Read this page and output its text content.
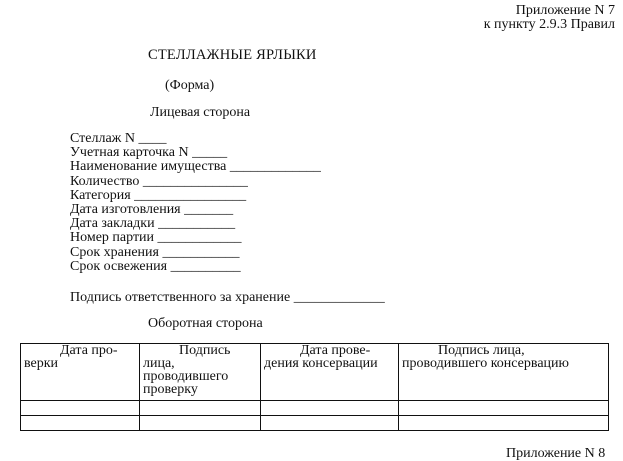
Приложение N 7
к пункту 2.9.3 Правил
СТЕЛЛАЖНЫЕ ЯРЛЫКИ
(Форма)
Лицевая сторона
Стеллаж N ____
Учетная карточка N _____
Наименование имущества _____________
Количество _______________
Категория ________________
Дата изготовления _______
Дата закладки ___________
Номер партии ____________
Срок хранения ___________
Срок освежения __________
Подпись ответственного за хранение _____________
Оборотная сторона
Дата про- верки	Подпись лица, проводившего проверку	Дата прове- дения консервации	Подпись лица, проводившего консервацию

Приложение N 8
